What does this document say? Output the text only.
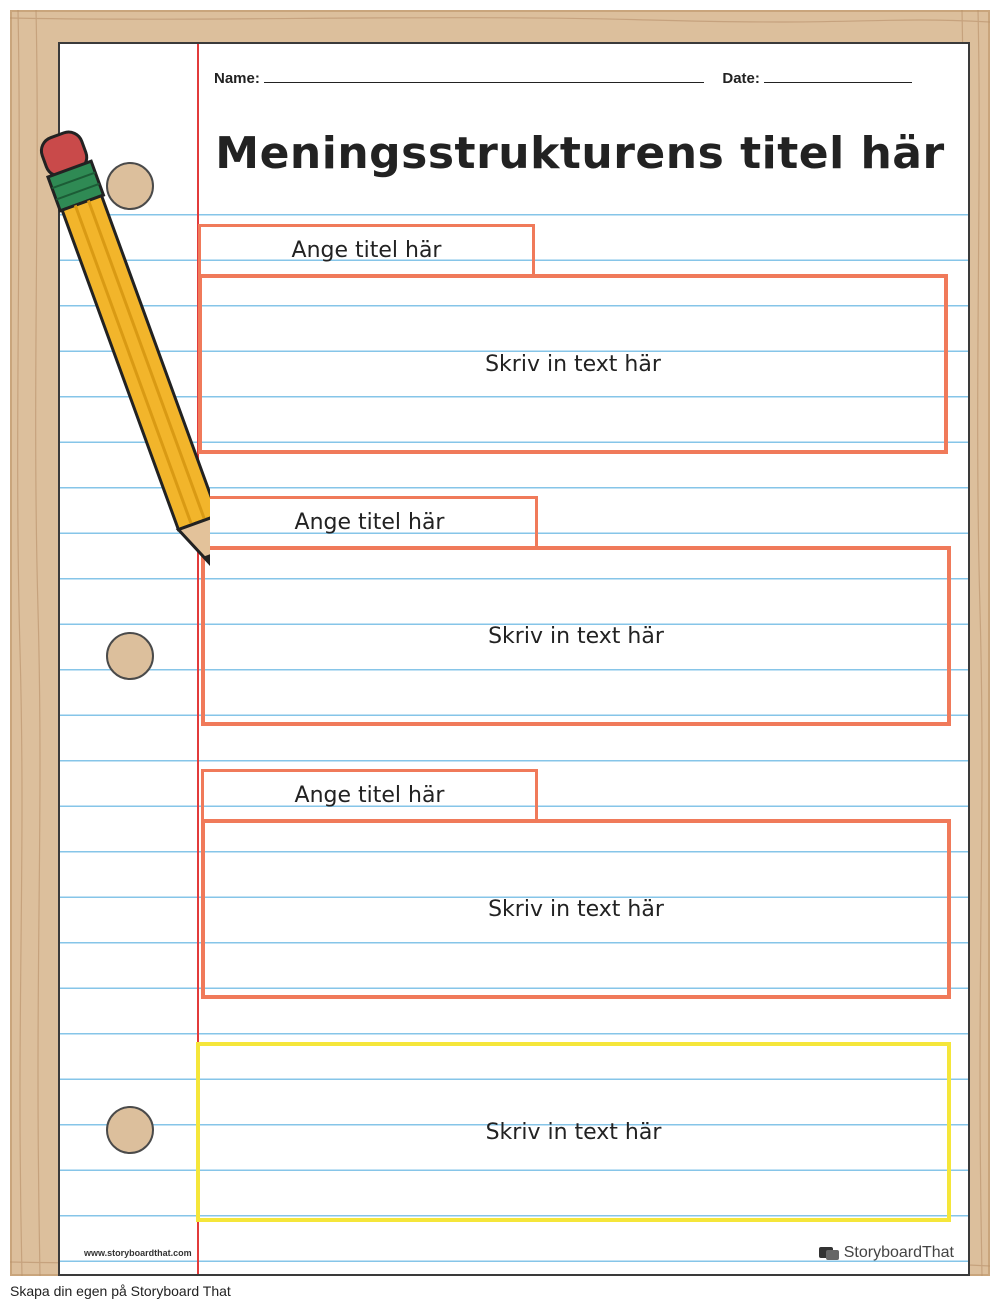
Name:	Date:
Meningsstrukturens titel här
Ange titel här
Skriv in text här
Ange titel här
Skriv in text här
Ange titel här
Skriv in text här
Skriv in text här
www.storyboardthat.com	StoryboardThat
Skapa din egen på Storyboard That
